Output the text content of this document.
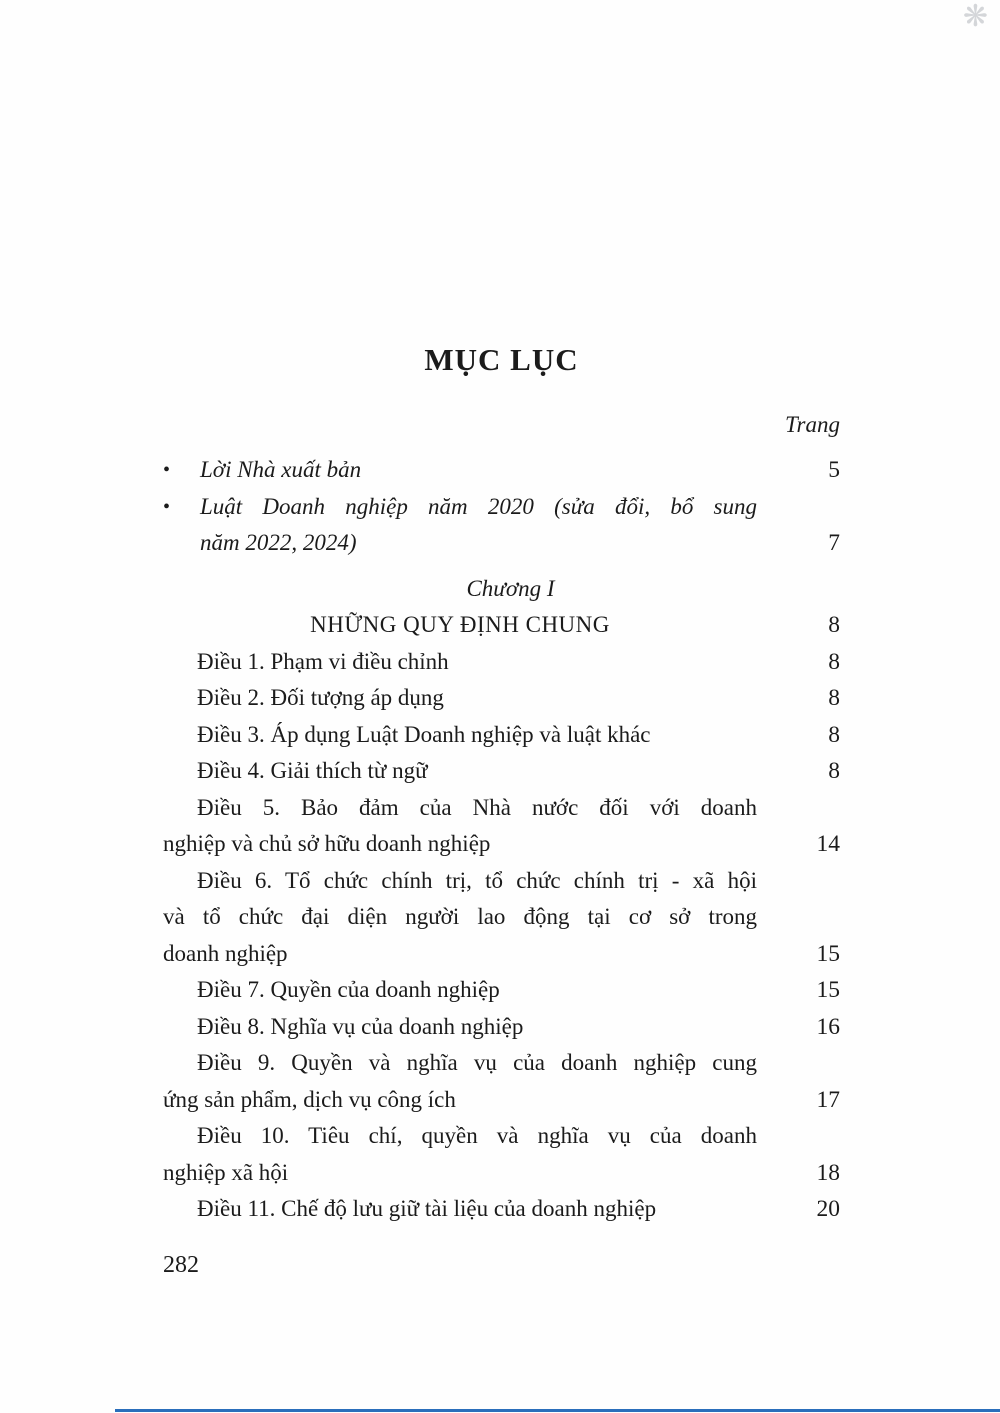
❋
MỤC LỤC
Trang
•	Lời Nhà xuất bản	5
•	Luật Doanh nghiệp năm 2020 (sửa đổi, bổ sung
năm 2022, 2024)	7
Chương I
NHỮNG QUY ĐỊNH CHUNG	8
Điều 1. Phạm vi điều chỉnh	8
Điều 2. Đối tượng áp dụng	8
Điều 3. Áp dụng Luật Doanh nghiệp và luật khác	8
Điều 4. Giải thích từ ngữ	8
Điều 5. Bảo đảm của Nhà nước đối với doanh
nghiệp và chủ sở hữu doanh nghiệp	14
Điều 6. Tổ chức chính trị, tổ chức chính trị - xã hội
và tổ chức đại diện người lao động tại cơ sở trong
doanh nghiệp	15
Điều 7. Quyền của doanh nghiệp	15
Điều 8. Nghĩa vụ của doanh nghiệp	16
Điều 9. Quyền và nghĩa vụ của doanh nghiệp cung
ứng sản phẩm, dịch vụ công ích	17
Điều 10. Tiêu chí, quyền và nghĩa vụ của doanh
nghiệp xã hội	18
Điều 11. Chế độ lưu giữ tài liệu của doanh nghiệp	20
282
